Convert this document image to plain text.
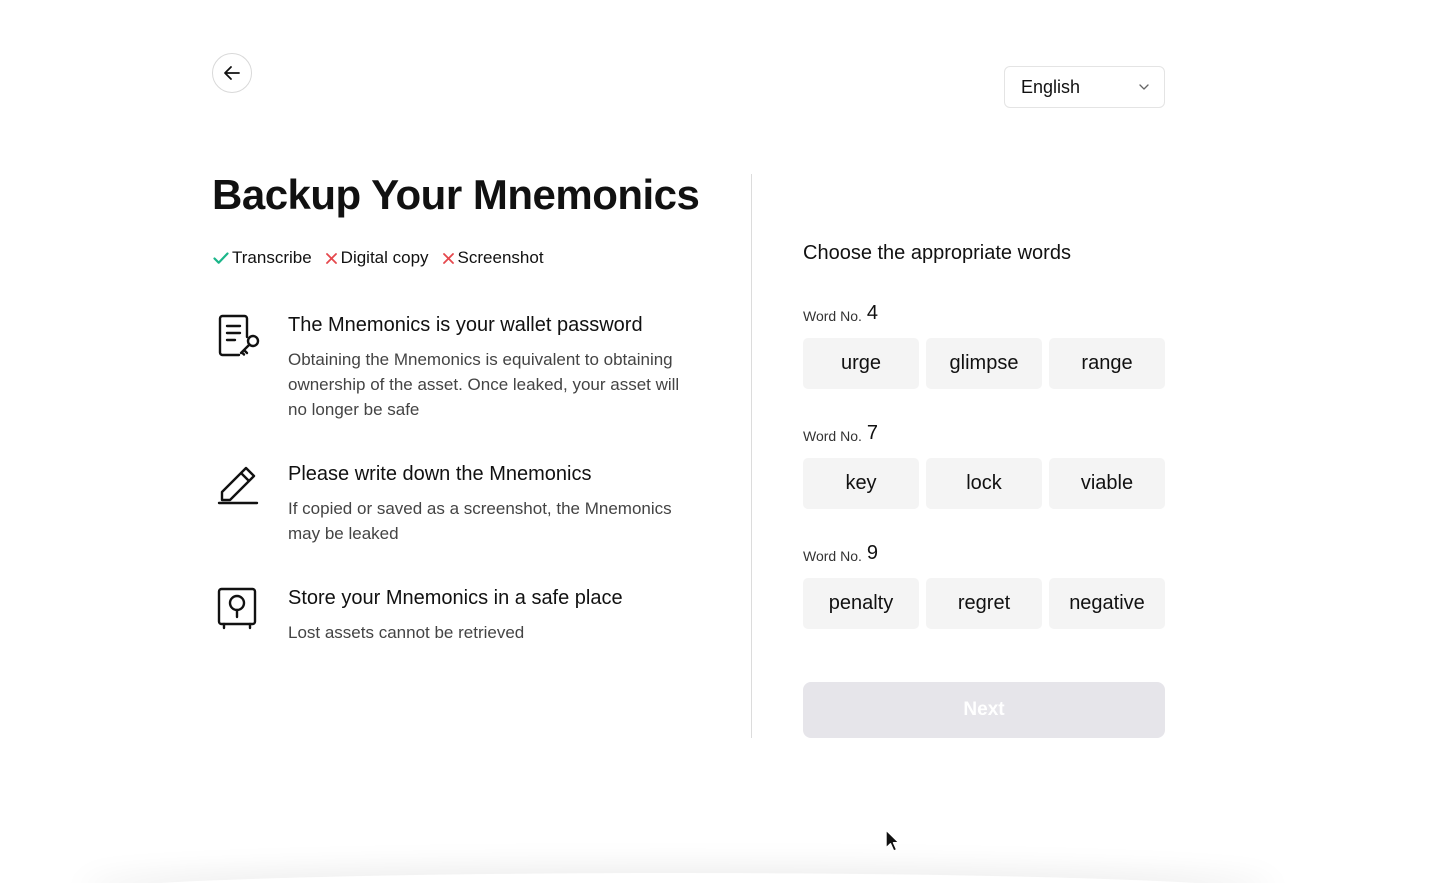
English
Backup Your Mnemonics
Transcribe Digital copy Screenshot
The Mnemonics is your wallet password

Obtaining the Mnemonics is equivalent to obtaining ownership of the asset. Once leaked, your asset will no longer be safe

Please write down the Mnemonics

If copied or saved as a screenshot, the Mnemonics may be leaked

Store your Mnemonics in a safe place

Lost assets cannot be retrieved

Choose the appropriate words
Word No. 4
urge	glimpse	range
Word No. 7
key	lock	viable
Word No. 9
penalty	regret	negative
Next
